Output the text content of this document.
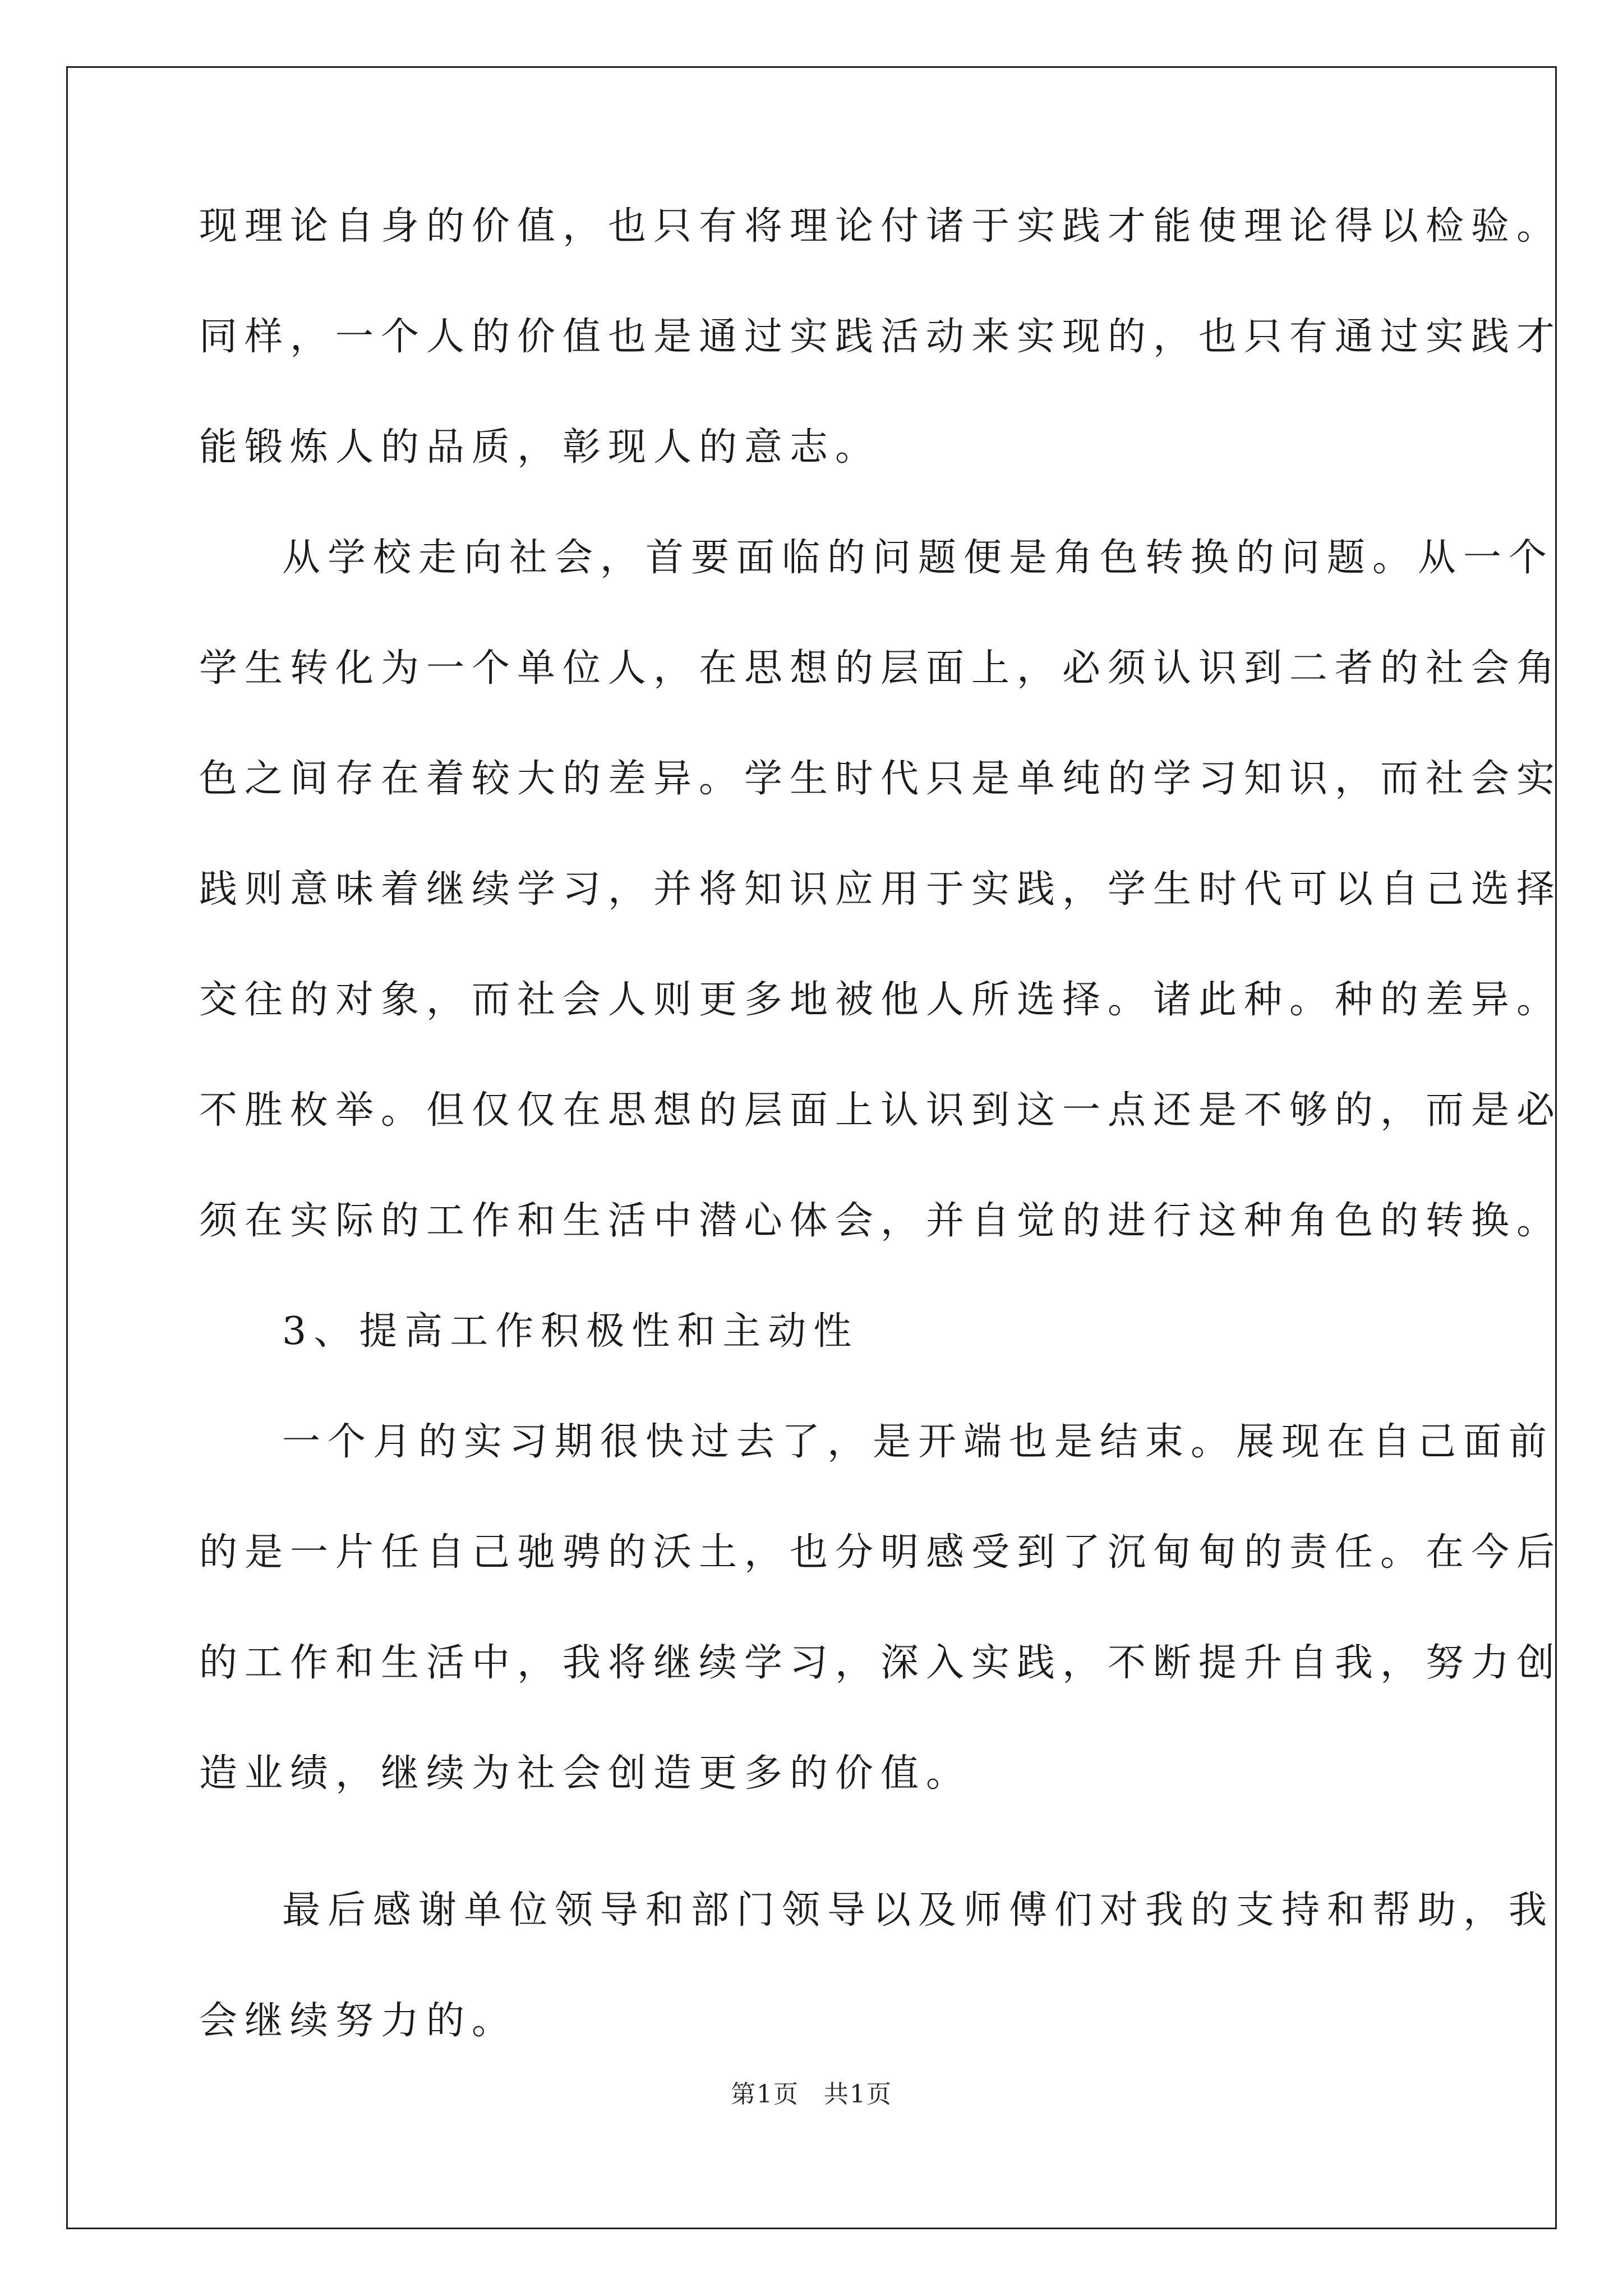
现理论自身的价值，也只有将理论付诸于实践才能使理论得以检验。
同样，一个人的价值也是通过实践活动来实现的，也只有通过实践才
能锻炼人的品质，彰现人的意志。
从学校走向社会，首要面临的问题便是角色转换的问题。从一个
学生转化为一个单位人，在思想的层面上，必须认识到二者的社会角
色之间存在着较大的差异。学生时代只是单纯的学习知识，而社会实
践则意味着继续学习，并将知识应用于实践，学生时代可以自己选择
交往的对象，而社会人则更多地被他人所选择。诸此种。种的差异。
不胜枚举。但仅仅在思想的层面上认识到这一点还是不够的，而是必
须在实际的工作和生活中潜心体会，并自觉的进行这种角色的转换。
3、提高工作积极性和主动性
一个月的实习期很快过去了，是开端也是结束。展现在自己面前
的是一片任自己驰骋的沃土，也分明感受到了沉甸甸的责任。在今后
的工作和生活中，我将继续学习，深入实践，不断提升自我，努力创
造业绩，继续为社会创造更多的价值。
最后感谢单位领导和部门领导以及师傅们对我的支持和帮助，我
会继续努力的。
第1页 共1页
